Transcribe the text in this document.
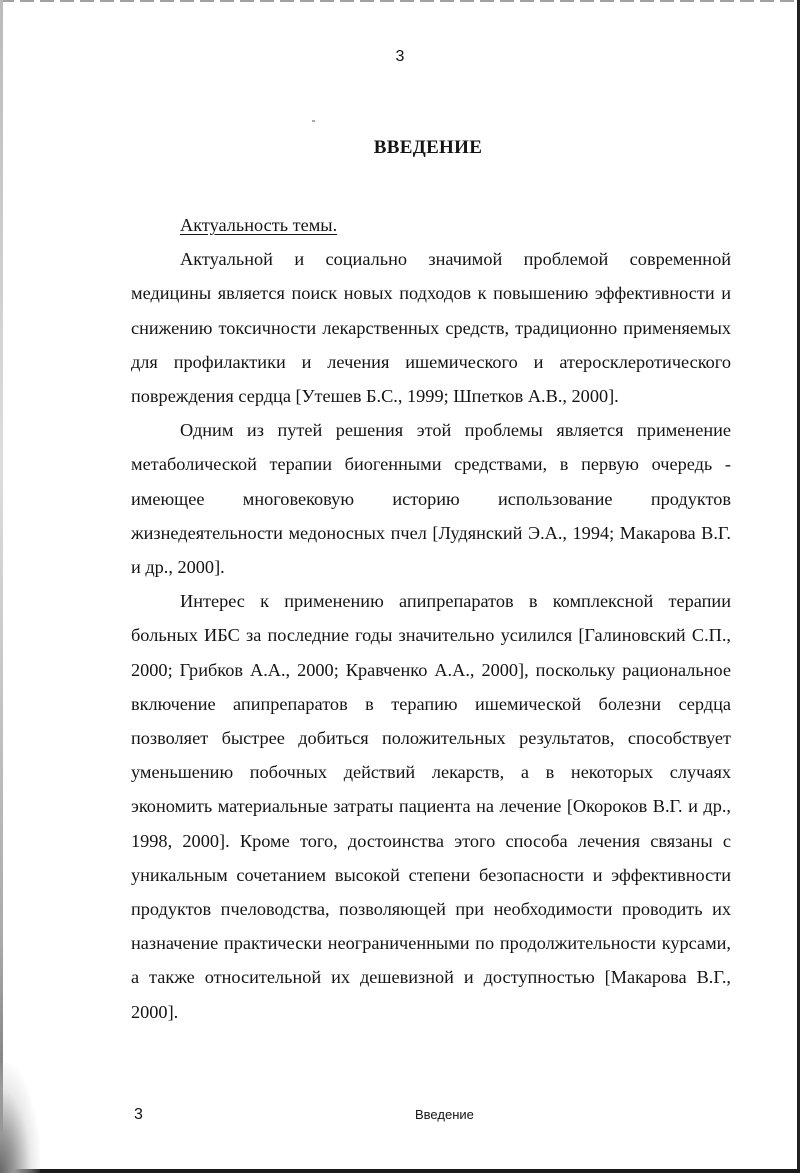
3
ВВЕДЕНИЕ

Актуальность темы.

Актуальной и социально значимой проблемой современной медицины является поиск новых подходов к повышению эффективности и снижению токсичности лекарственных средств, традиционно применяемых для профилактики и лечения ишемического и атеросклеротического повреждения сердца [Утешев Б.С., 1999; Шпетков А.В., 2000].

Одним из путей решения этой проблемы является применение метаболической терапии биогенными средствами, в первую очередь - имеющее многовековую историю использование продуктов жизнедеятельности медоносных пчел [Лудянский Э.А., 1994; Макарова В.Г. и др., 2000].

Интерес к применению апипрепаратов в комплексной терапии больных ИБС за последние годы значительно усилился [Галиновский С.П., 2000; Грибков А.А., 2000; Кравченко А.А., 2000], поскольку рациональное включение апипрепаратов в терапию ишемической болезни сердца позволяет быстрее добиться положительных результатов, способствует уменьшению побочных действий лекарств, а в некоторых случаях экономить материальные затраты пациента на лечение [Окороков В.Г. и др., 1998, 2000]. Кроме того, достоинства этого способа лечения связаны с уникальным сочетанием высокой степени безопасности и эффективности продуктов пчеловодства, позволяющей при необходимости проводить их назначение практически неограниченными по продолжительности курсами, а также относительной их дешевизной и доступностью [Макарова В.Г., 2000].

3	Введение
